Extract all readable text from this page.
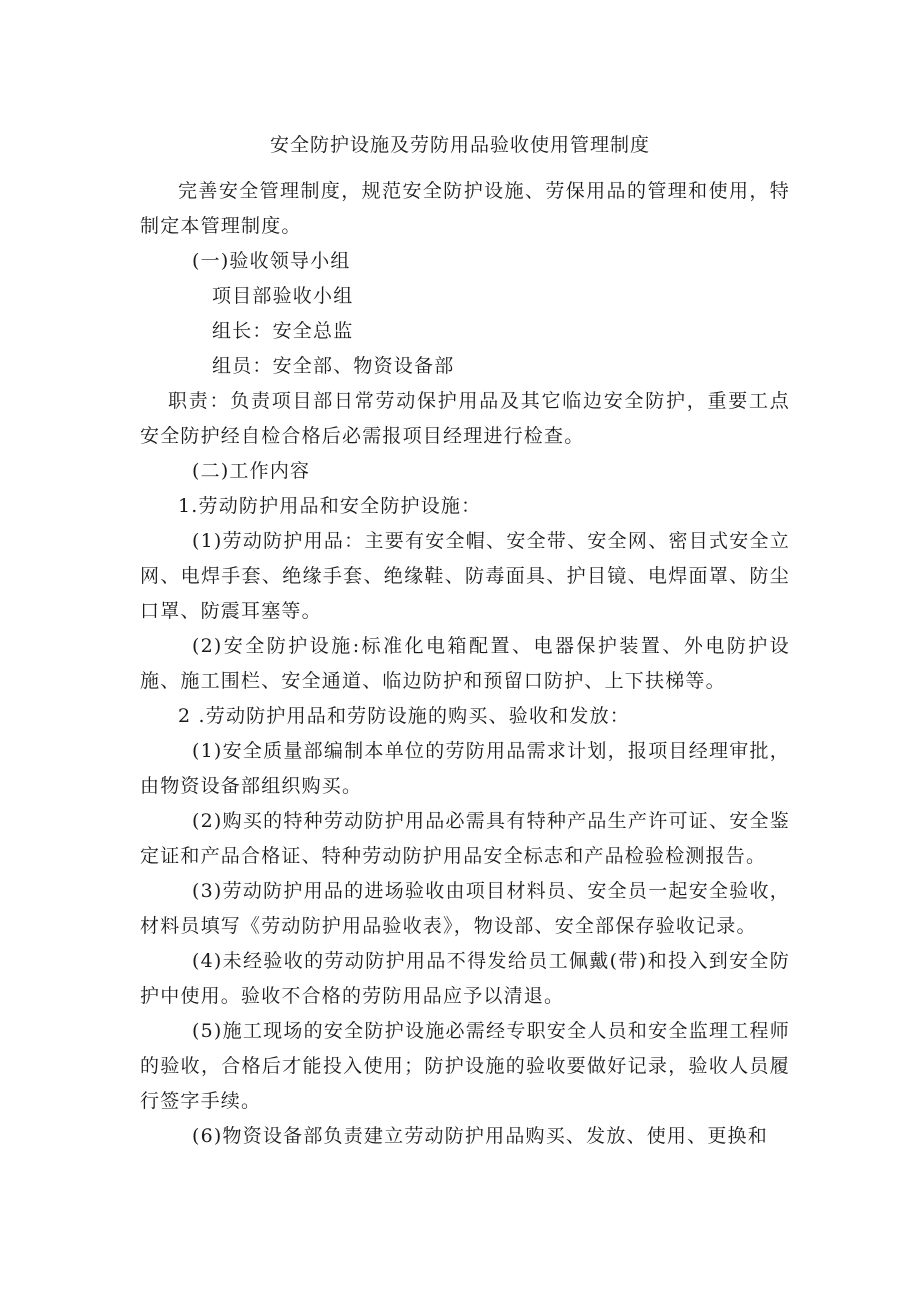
安全防护设施及劳防用品验收使用管理制度

完善安全管理制度，规范安全防护设施、劳保用品的管理和使用，特制定本管理制度。

(一)验收领导小组

项目部验收小组

组长：安全总监

组员：安全部、物资设备部

职责：负责项目部日常劳动保护用品及其它临边安全防护，重要工点安全防护经自检合格后必需报项目经理进行检查。

(二)工作内容

1.劳动防护用品和安全防护设施：

(1)劳动防护用品：主要有安全帽、安全带、安全网、密目式安全立网、电焊手套、绝缘手套、绝缘鞋、防毒面具、护目镜、电焊面罩、防尘口罩、防震耳塞等。

(2)安全防护设施:标准化电箱配置、电器保护装置、外电防护设施、施工围栏、安全通道、临边防护和预留口防护、上下扶梯等。

2 .劳动防护用品和劳防设施的购买、验收和发放：

(1)安全质量部编制本单位的劳防用品需求计划，报项目经理审批，由物资设备部组织购买。

(2)购买的特种劳动防护用品必需具有特种产品生产许可证、安全鉴定证和产品合格证、特种劳动防护用品安全标志和产品检验检测报告。

(3)劳动防护用品的进场验收由项目材料员、安全员一起安全验收，材料员填写《劳动防护用品验收表》，物设部、安全部保存验收记录。

(4)未经验收的劳动防护用品不得发给员工佩戴(带)和投入到安全防护中使用。验收不合格的劳防用品应予以清退。

(5)施工现场的安全防护设施必需经专职安全人员和安全监理工程师的验收，合格后才能投入使用；防护设施的验收要做好记录，验收人员履行签字手续。

(6)物资设备部负责建立劳动防护用品购买、发放、使用、更换和
